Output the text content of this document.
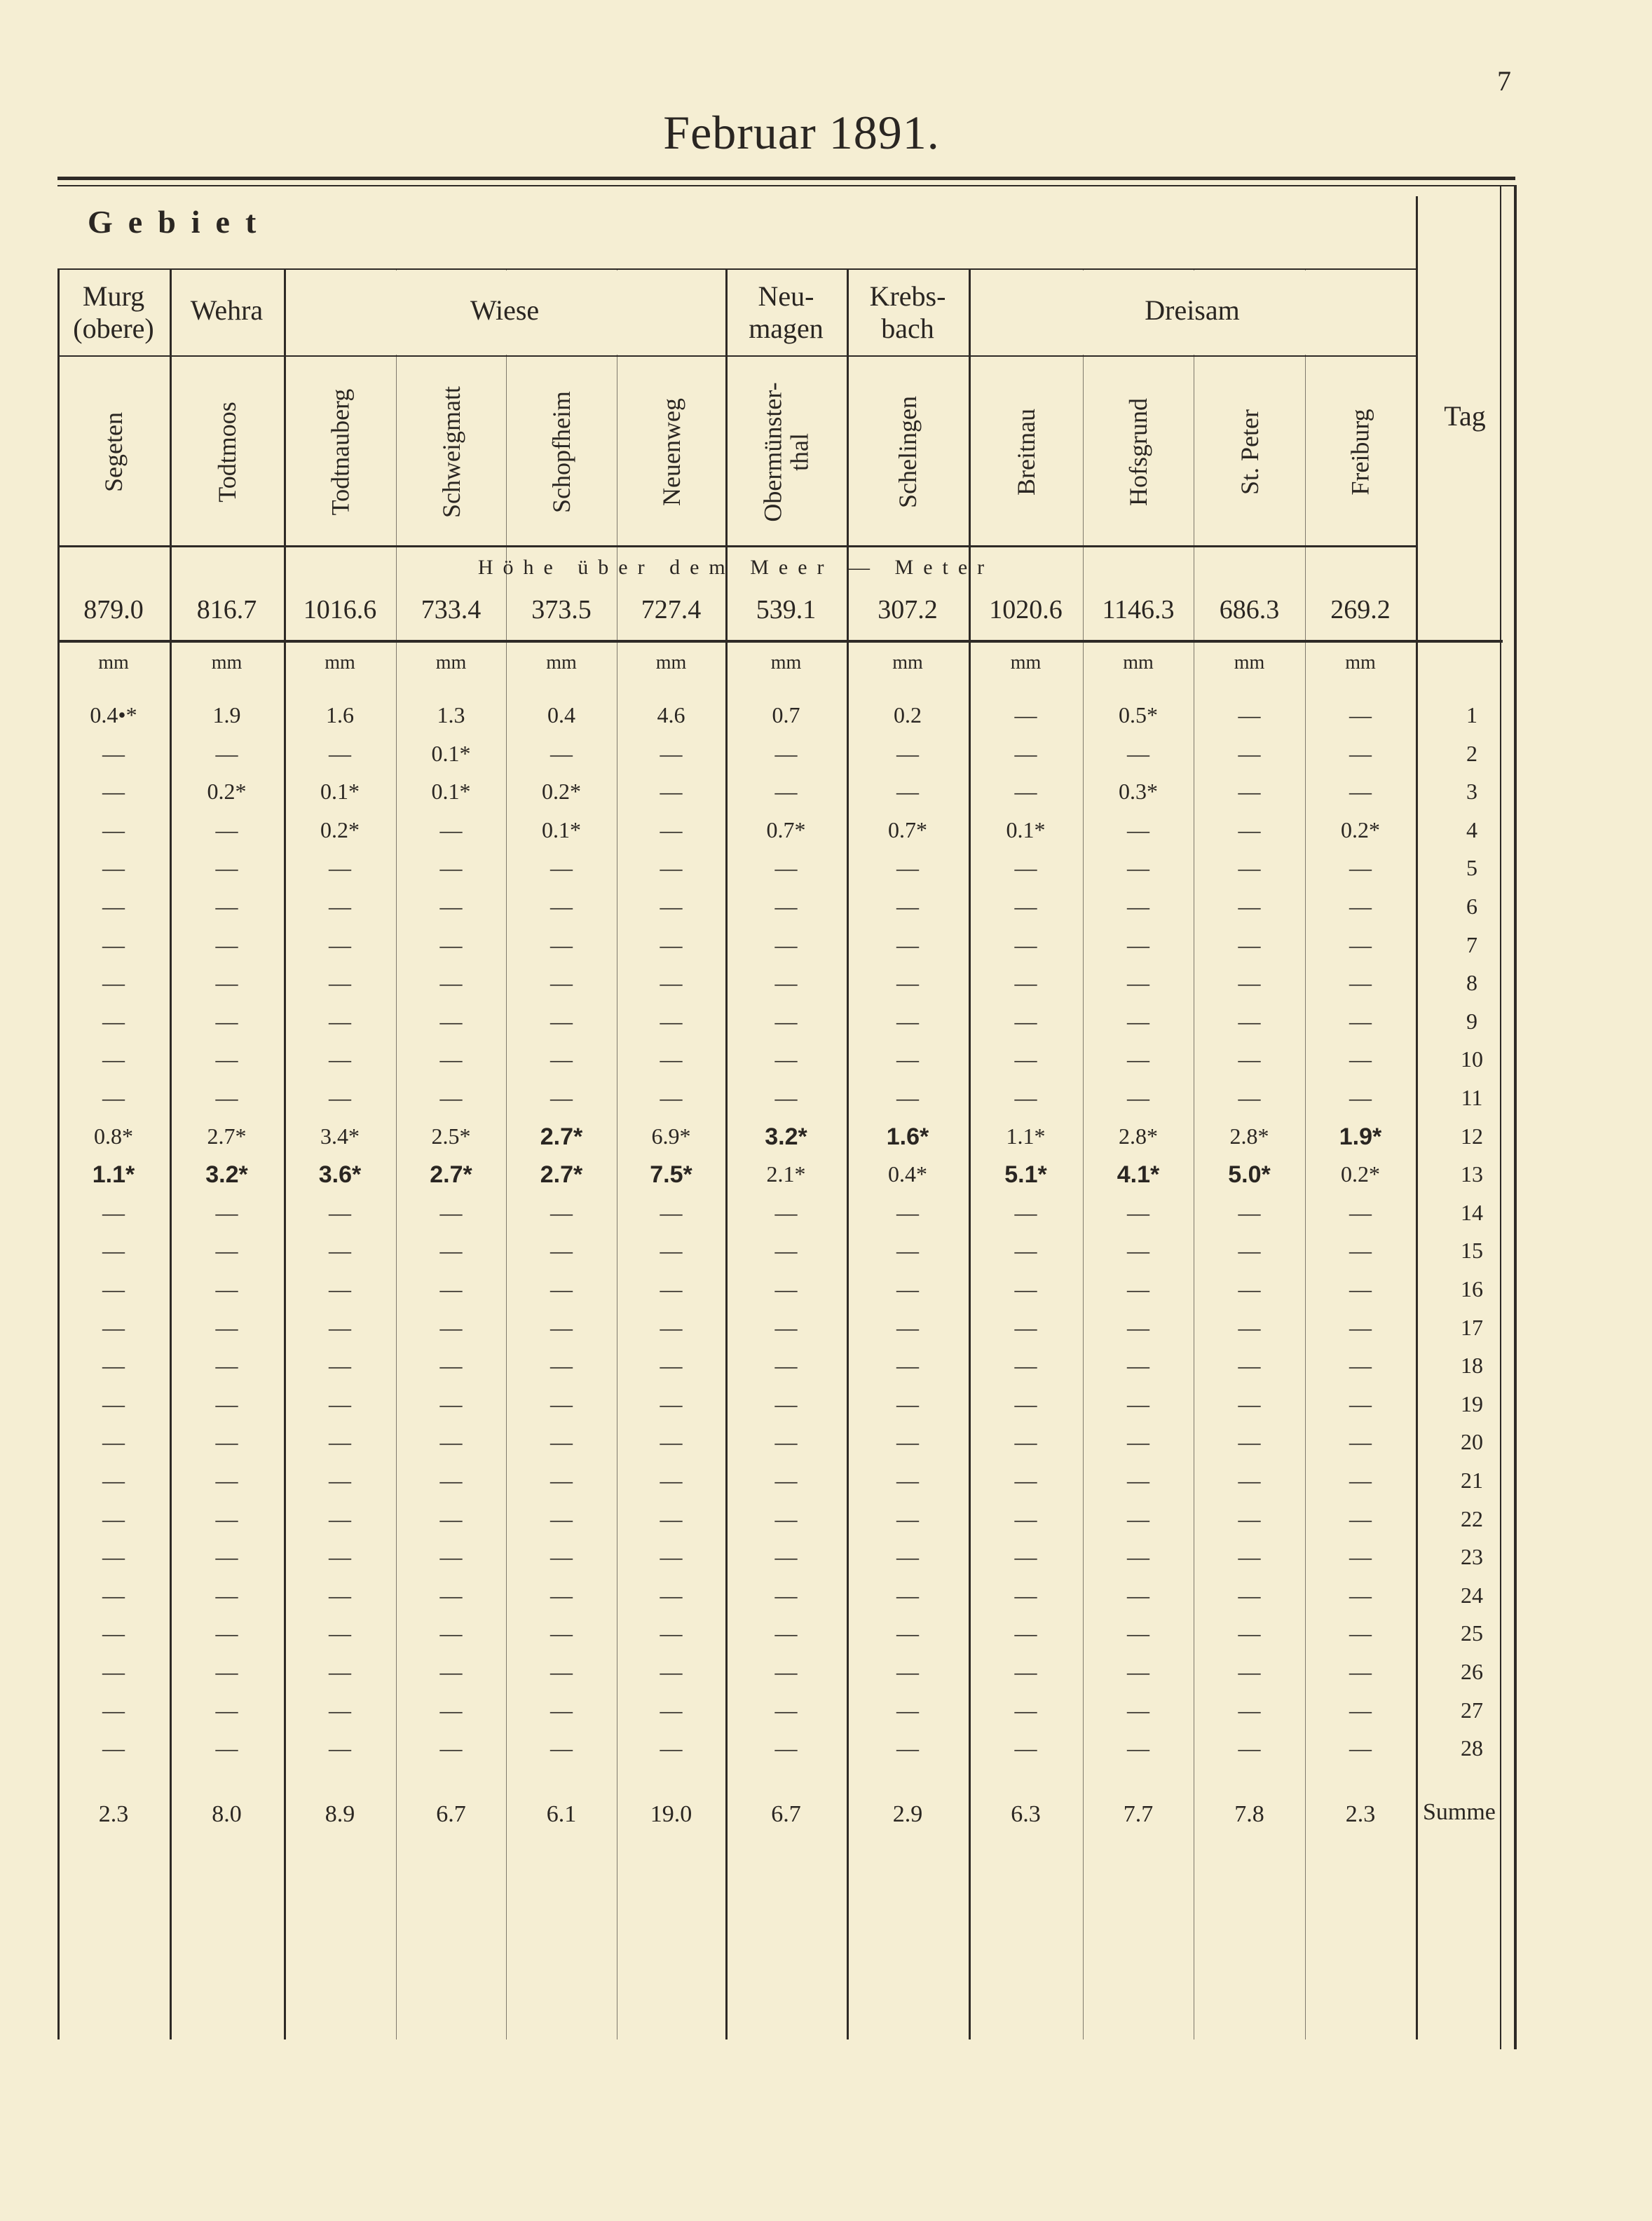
7
Februar 1891.
Gebiet
Murg
(obere)
Wehra	Wiese	Neu-
magen
Krebs-
bach
Dreisam
Segeten	Todtmoos	Todtnauberg	Schweigmatt	Schopfheim	Neuenweg	Obermünster-
thal	Schelingen	Breitnau	Hofsgrund	St. Peter	Freiburg	Tag
Höhe über dem Meer — Meter
879.0	816.7	1016.6	733.4	373.5	727.4	539.1	307.2	1020.6	1146.3	686.3	269.2
mm	mm	mm	mm	mm	mm	mm	mm	mm	mm	mm	mm
1
0.4•*	1.9	1.6	1.3	0.4	4.6	0.7	0.2	—	0.5*	—	—
2
—	—	—	0.1*	—	—	—	—	—	—	—	—
3
—	0.2*	0.1*	0.1*	0.2*	—	—	—	—	0.3*	—	—
4
—	—	0.2*	—	0.1*	—	0.7*	0.7*	0.1*	—	—	0.2*
5
—	—	—	—	—	—	—	—	—	—	—	—
6
—	—	—	—	—	—	—	—	—	—	—	—
7
—	—	—	—	—	—	—	—	—	—	—	—
8
—	—	—	—	—	—	—	—	—	—	—	—
9
—	—	—	—	—	—	—	—	—	—	—	—
10
—	—	—	—	—	—	—	—	—	—	—	—
11
—	—	—	—	—	—	—	—	—	—	—	—
12
0.8*	2.7*	3.4*	2.5*	2.7*	6.9*	3.2*	1.6*	1.1*	2.8*	2.8*	1.9*
13
1.1*	3.2*	3.6*	2.7*	2.7*	7.5*	2.1*	0.4*	5.1*	4.1*	5.0*	0.2*
14
—	—	—	—	—	—	—	—	—	—	—	—
15
—	—	—	—	—	—	—	—	—	—	—	—
16
—	—	—	—	—	—	—	—	—	—	—	—
17
—	—	—	—	—	—	—	—	—	—	—	—
18
—	—	—	—	—	—	—	—	—	—	—	—
19
—	—	—	—	—	—	—	—	—	—	—	—
20
—	—	—	—	—	—	—	—	—	—	—	—
21
—	—	—	—	—	—	—	—	—	—	—	—
22
—	—	—	—	—	—	—	—	—	—	—	—
23
—	—	—	—	—	—	—	—	—	—	—	—
24
—	—	—	—	—	—	—	—	—	—	—	—
25
—	—	—	—	—	—	—	—	—	—	—	—
26
—	—	—	—	—	—	—	—	—	—	—	—
27
—	—	—	—	—	—	—	—	—	—	—	—
28
—	—	—	—	—	—	—	—	—	—	—	—
2.3	8.0	8.9	6.7	6.1	19.0	6.7	2.9	6.3	7.7	7.8	2.3	Summe
